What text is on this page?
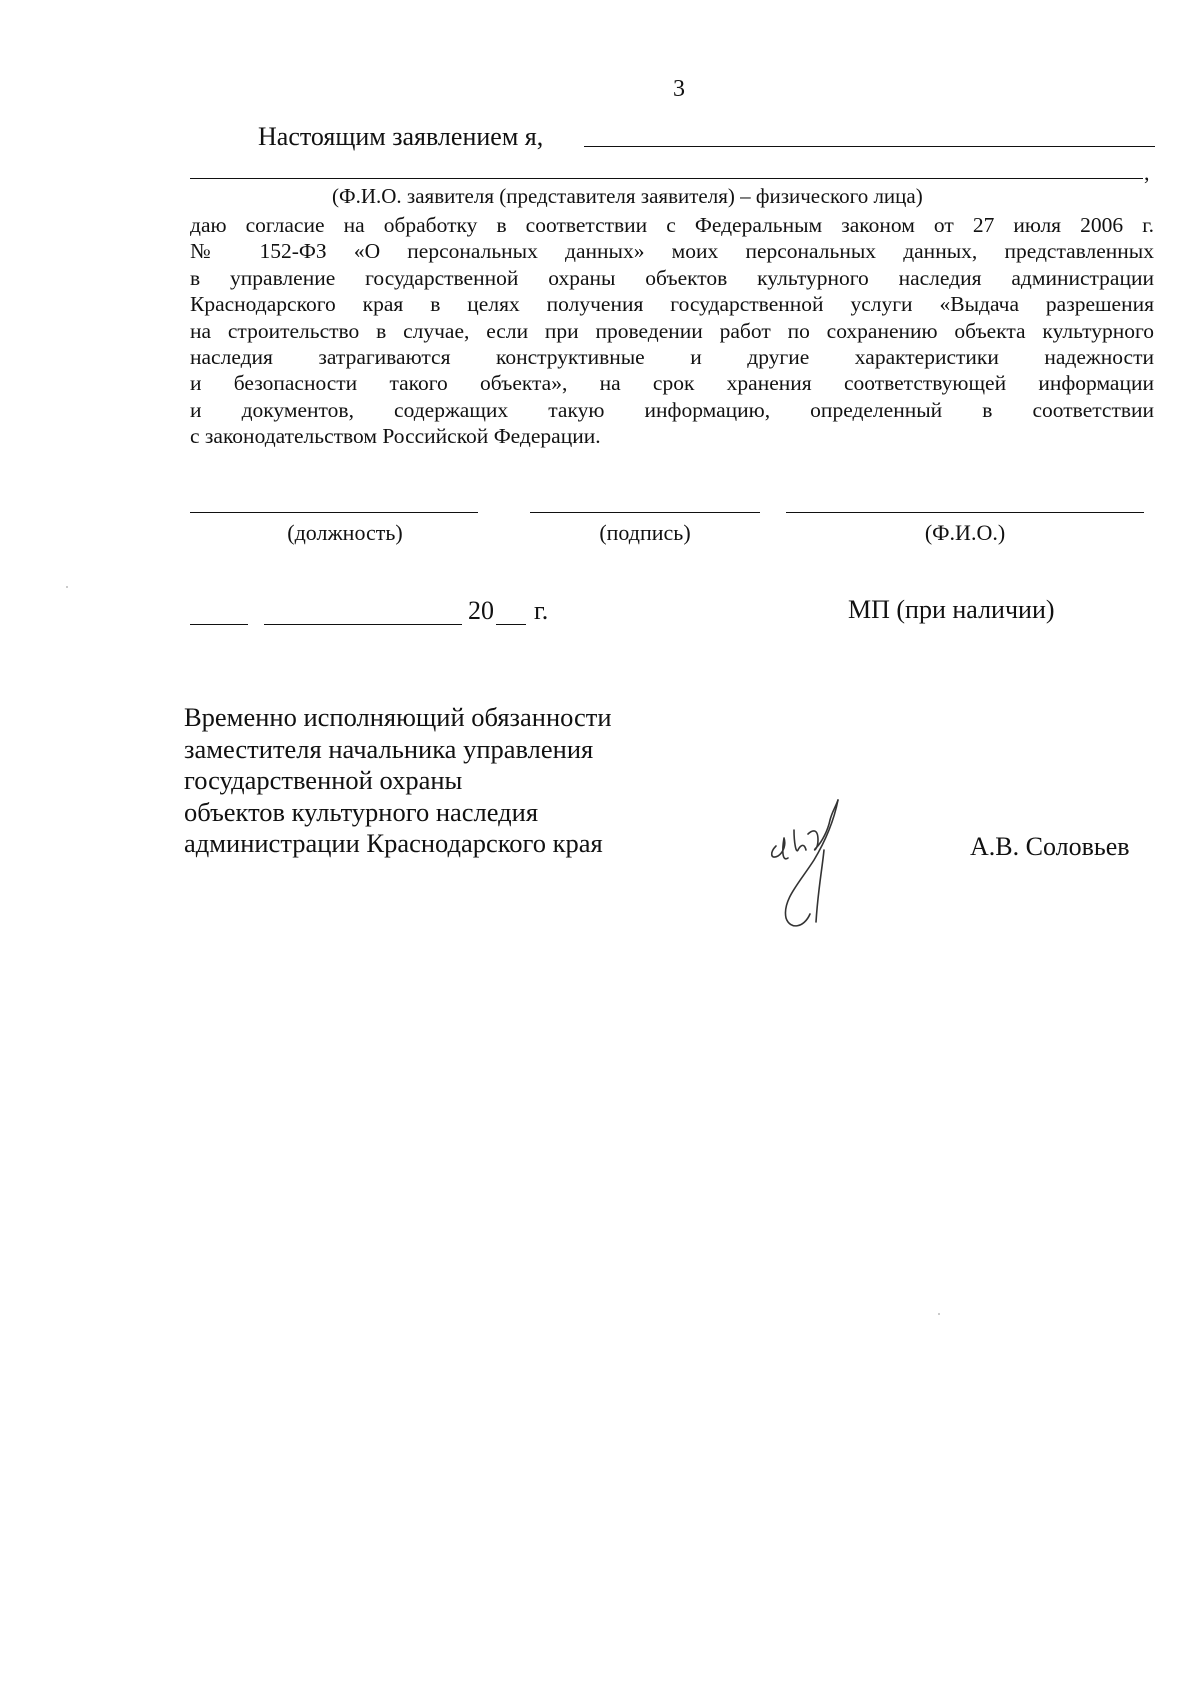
3
Настоящим заявлением я,
,
(Ф.И.О. заявителя (представителя заявителя) – физического лица)
даю согласие на обработку в соответствии с Федеральным законом от 27 июля 2006 г.
№ 152-ФЗ «О персональных данных» моих персональных данных, представленных
в управление государственной охраны объектов культурного наследия администрации
Краснодарского края в целях получения государственной услуги «Выдача разрешения
на строительство в случае, если при проведении работ по сохранению объекта культурного
наследия затрагиваются конструктивные и другие характеристики надежности
и безопасности такого объекта», на срок хранения соответствующей информации
и документов, содержащих такую информацию, определенный в соответствии
с законодательством Российской Федерации.
(должность)	(подпись)	(Ф.И.О.)
20 г.	МП (при наличии)
Временно исполняющий обязанности
заместителя начальника управления
государственной охраны
объектов культурного наследия
администрации Краснодарского края	А.В. Соловьев
